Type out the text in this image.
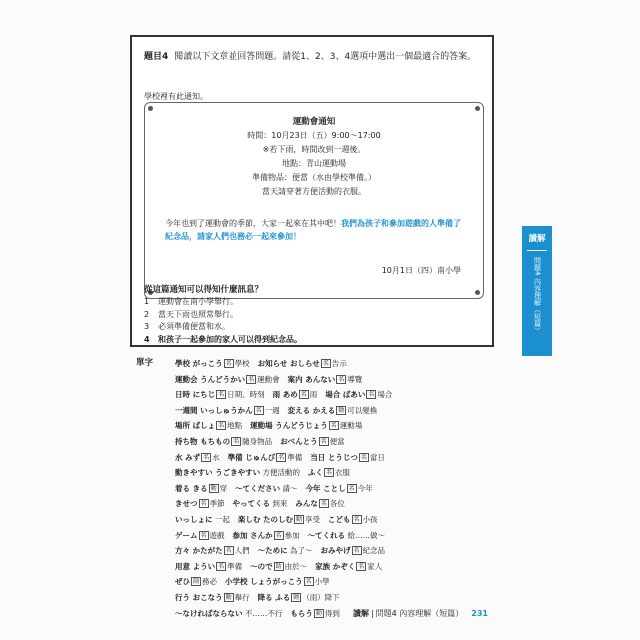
題目4 閱讀以下文章並回答問題。請從1、2、3、4選項中選出一個最適合的答案。
學校裡有此通知。
運動會通知
時間：10月23日（五）9:00～17:00
※若下雨，時間改到一週後。
地點：青山運動場
準備物品：便當（水由學校準備。）
當天請穿著方便活動的衣服。
今年也到了運動會的季節，大家一起來在其中吧！我們為孩子和參加遊戲的人準備了
紀念品，請家人們也務必一起來參加！
10月1日（四）南小學
從這篇通知可以得知什麼訊息？
1 運動會在南小學舉行。
2 當天下雨也照常舉行。
3 必須準備便當和水。
4 和孩子一起參加的家人可以得到紀念品。
讀解
問題4 內容理解（短篇）
單字	學校 がっこう 名 學校 お知らせ おしらせ 名 告示
運動会 うんどうかい 名 運動會 案内 あんない 名 導覽
日時 にちじ 名 日期、時刻 雨 あめ 名 雨 場合 ばあい 名 場合
一週間 いっしゅうかん 名 一週 変える かえる 動 可以變換
場所 ばしょ 名 地點 運動場 うんどうじょう 名 運動場
持ち物 もちもの 名 隨身物品 おべんとう 名 便當
水 みず 名 水 準備 じゅんび 名 準備 当日 とうじつ 名 當日
動きやすい うごきやすい 方便活動的 ふく 名 衣服
着る きる 動 穿 ～てください 請～ 今年 ことし 名 今年
きせつ 名 季節 やってくる 到來 みんな 名 各位
いっしょに 一起 楽しむ たのしむ 動 享受 こども 名 小孩
ゲーム 名 遊戲 参加 さんか 名 參加 ～てくれる 給……做～
方々 かたがた 名 人們 ～ために 為了～ おみやげ 名 紀念品
用意 ようい 名 準備 ～ので 助 由於～ 家族 かぞく 名 家人
ぜひ 副 務必 小学校 しょうがっこう 名 小學
行う おこなう 動 舉行 降る ふる 動 （雨）降下
～なければならない 不……不行 もらう 動 得到	讀解 | 問題4 內容理解（短篇） 231
